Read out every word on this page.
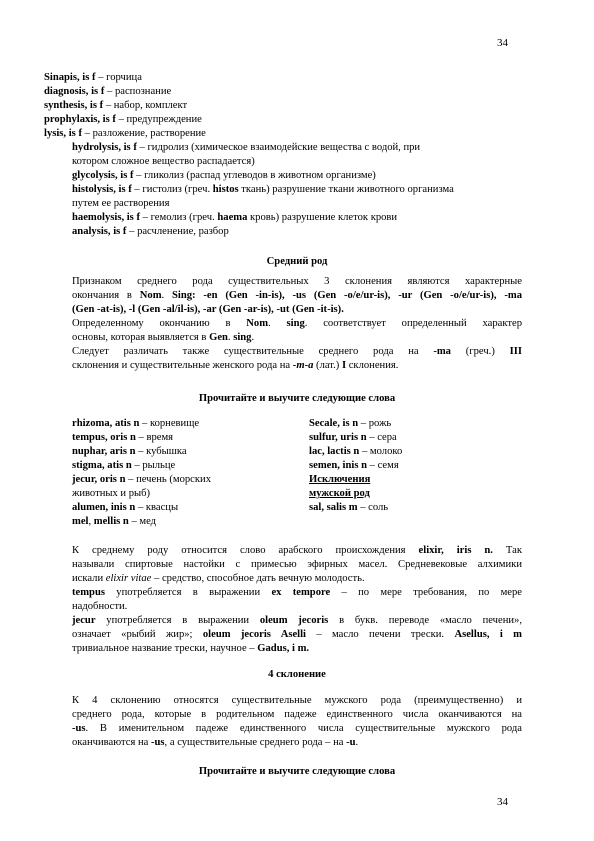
34
Sinapis, is f – горчица
diagnosis, is f – распознание
synthesis, is f – набор, комплект
prophylaxis, is f – предупреждение
lysis, is f – разложение, растворение
hydrolysis, is f – гидролиз (химическое взаимодейские вещества с водой, при
котором сложное вещество распадается)
glycolysis, is f – гликолиз (распад углеводов в живот​ном организме)
histolysis, is f – гистолиз (греч. histos ткань) разрушение ткани животного организма
путем ее растворения
haemolysis, is f – гемолиз (греч. haema кровь) разрушение клеток крови
analysis, is f – расчленение, разбор
Средний род
Признаком среднего рода существительных 3 склонения являются характерные
окончания в Nom. Sing: -en (Gen -in-is), -us (Gen -o/e/ur-is), -ur (Gen -o/e/ur-is), -ma
(Gen -at-is), -l (Gen -al/il-is), -ar (Gen -ar-is), -ut (Gen -it-is).
Определенному окончанию в Nom. sing. соответствует определенный характер
основы, которая выявляется в Gen. sing.
Следует различать также существительные среднего рода на -ma (греч.) III
склонения и существительные женского рода на -m-a (лат.) I склонения.
Прочитайте и выучите следующие слова
rhizoma, atis n – корневище
tempus, oris n – время
nuphar, aris n – кубышка
stigma, atis n – рыльце
jecur, oris n – печень (морских
животных и рыб)
alumen, inis n – квасцы
mel, mellis n – мед
Secale, is n – рожь
sulfur, uris n – сера
lac, lactis n – молоко
semen, inis n – семя
Исключения
мужской род
sal, salis m – соль
К среднему роду относится слово арабского происхождения elixir, iris n. Так
называли спиртовые настойки с примесью эфирных масел. Средневековые алхимики
искали elixir vitae – средство, способное дать вечную молодость.
tempus употребляется в выражении ex tempore – по мере требования, по мере
надобности.
jecur употребляется в выражении oleum jecoris в букв. переводе «масло печени»,
означает «рыбий жир»; oleum jecoris Aselli – масло печени трески. Asellus, i m
тривиальное название трески, научное – Gadus, i m.
4 склонение
К 4 склонению относятся существительные мужского рода (преимущественно) и
среднего рода, которые в родительном падеже единственного числа оканчиваются на
-us. В именительном падеже единственного числа существительные мужского рода
оканчиваются на -us, а существительные среднего рода – на -u.
Прочитайте и выучите следующие слова
34
